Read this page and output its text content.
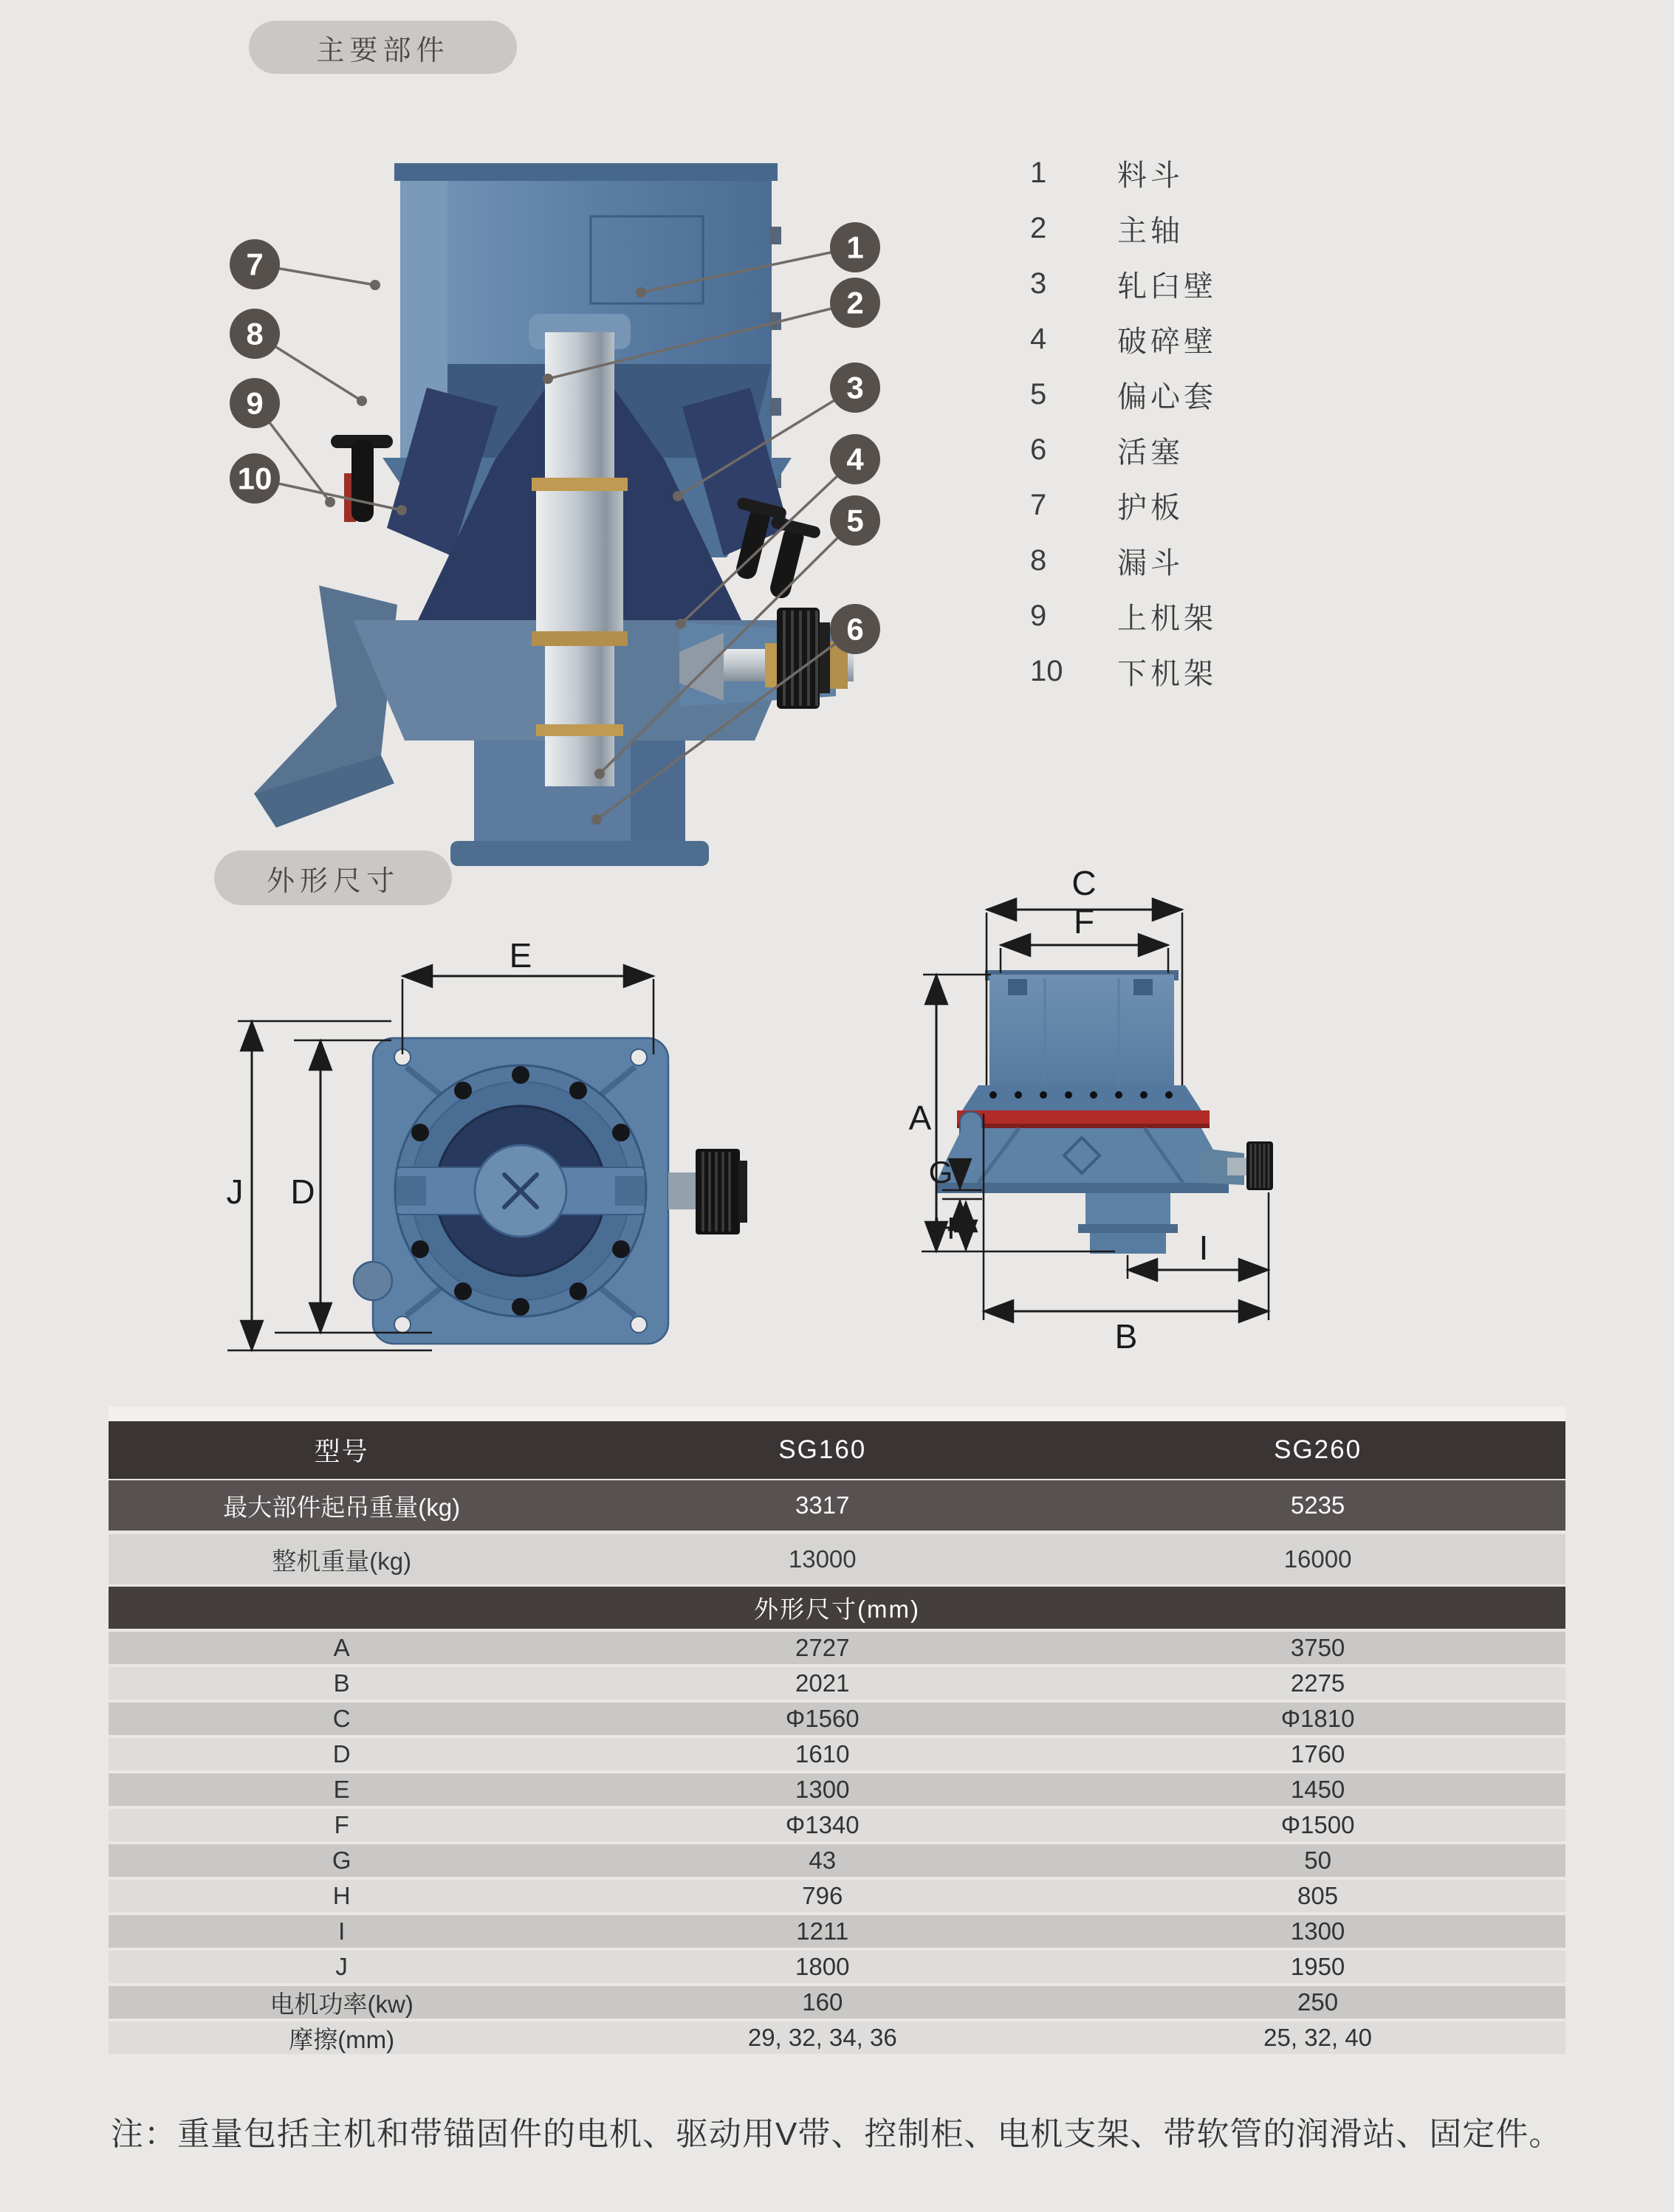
主要部件
外形尺寸
1
2
3
4
5
6
7
8
9
10
1	料斗
2	主轴
3	轧臼壁
4	破碎壁
5	偏心套
6	活塞
7	护板
8	漏斗
9	上机架
10	下机架
E
J D
C
F
A
G
H
I
B
型号	SG160	SG260
最大部件起吊重量(kg)	3317	5235
整机重量(kg)	13000	16000
外形尺寸(mm)
A	2727	3750
B	2021	2275
C	Φ1560	Φ1810
D	1610	1760
E	1300	1450
F	Φ1340	Φ1500
G	43	50
H	796	805
I	1211	1300
J	1800	1950
电机功率(kw)	160	250
摩擦(mm)	29, 32, 34, 36	25, 32, 40
注：重量包括主机和带锚固件的电机、驱动用V带、控制柜、电机支架、带软管的润滑站、固定件。
